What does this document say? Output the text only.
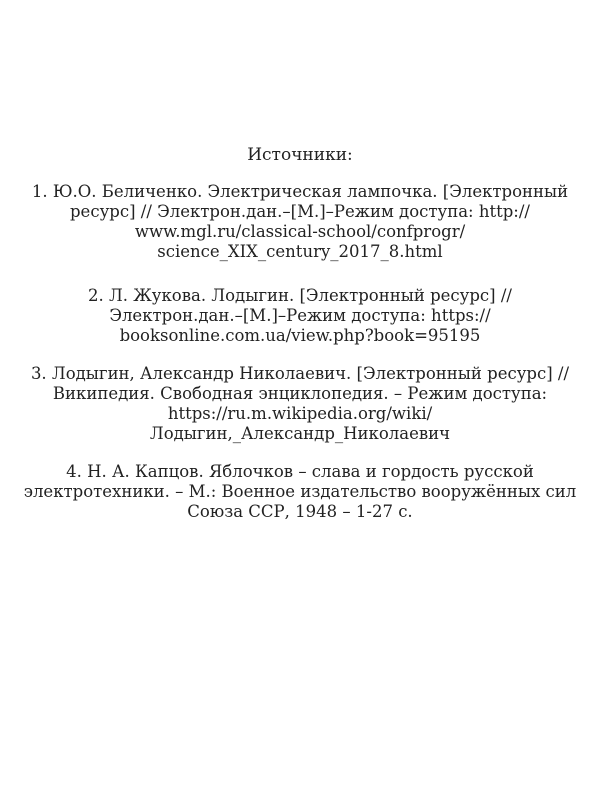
Источники:
1. Ю.О. Беличенко. Электрическая лампочка. [Электронный
ресурс] // Электрон.дан.–[М.]–Режим доступа: http://
www.mgl.ru/classical-school/confprogr/
science_XIX_century_2017_8.html
2. Л. Жукова. Лодыгин. [Электронный ресурс] //
Электрон.дан.–[М.]–Режим доступа: https://
booksonline.com.ua/view.php?book=95195
3. Лодыгин, Александр Николаевич. [Электронный ресурс] //
Википедия. Свободная энциклопедия. – Режим доступа:
https://ru.m.wikipedia.org/wiki/
Лодыгин,_Александр_Николаевич
4. Н. А. Капцов. Яблочков – слава и гордость русской
электротехники. – М.: Военное издательство вооружённых сил
Союза ССР, 1948 – 1-27 с.
